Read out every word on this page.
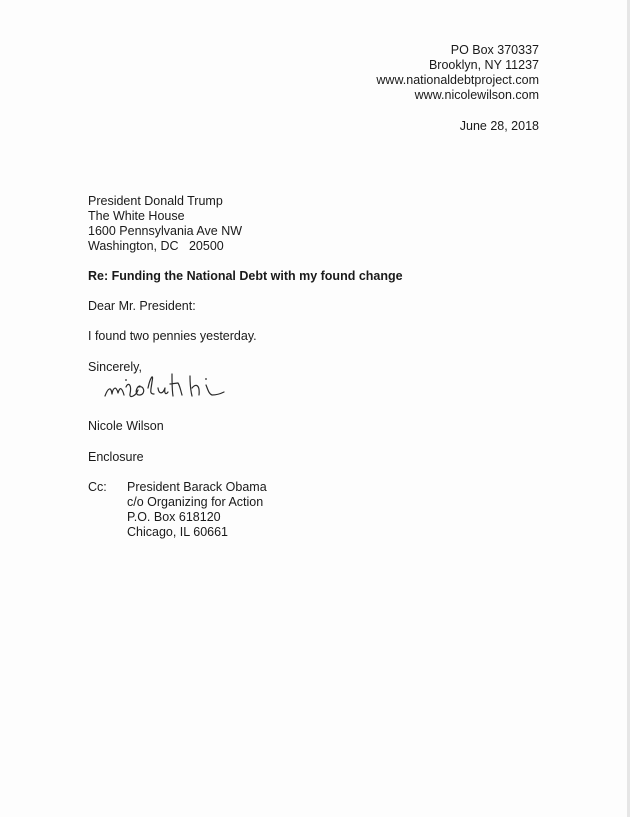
PO Box 370337
Brooklyn, NY 11237
www.nationaldebtproject.com
www.nicolewilson.com
June 28, 2018
President Donald Trump
The White House
1600 Pennsylvania Ave NW
Washington, DC   20500
Re: Funding the National Debt with my found change
Dear Mr. President:
I found two pennies yesterday.
Sincerely,
Nicole Wilson
Enclosure
Cc: President Barack Obama
c/o Organizing for Action
P.O. Box 618120
Chicago, IL 60661
